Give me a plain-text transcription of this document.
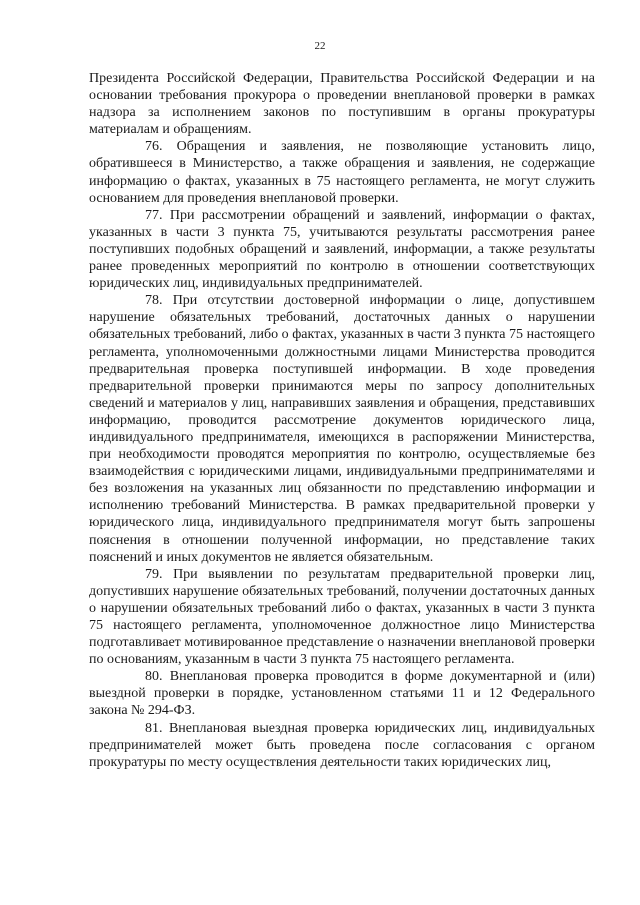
22

Президента Российской Федерации, Правительства Российской Федерации и на основании требования прокурора о проведении внеплановой проверки в рамках надзора за исполнением законов по поступившим в органы прокуратуры материалам и обращениям.

76. Обращения и заявления, не позволяющие установить лицо, обратившееся в Министерство, а также обращения и заявления, не содержащие информацию о фактах, указанных в 75 настоящего регламента, не могут служить основанием для проведения внеплановой проверки.

77. При рассмотрении обращений и заявлений, информации о фактах, указанных в части 3 пункта 75, учитываются результаты рассмотрения ранее поступивших подобных обращений и заявлений, информации, а также результаты ранее проведенных мероприятий по контролю в отношении соответствующих юридических лиц, индивидуальных предпринимателей.

78. При отсутствии достоверной информации о лице, допустившем нарушение обязательных требований, достаточных данных о нарушении обязательных требований, либо о фактах, указанных в части 3 пункта 75 настоящего регламента, уполномоченными должностными лицами Министерства проводится предварительная проверка поступившей информации. В ходе проведения предварительной проверки принимаются меры по запросу дополнительных сведений и материалов у лиц, направивших заявления и обращения, представивших информацию, проводится рассмотрение документов юридического лица, индивидуального предпринимателя, имеющихся в распоряжении Министерства, при необходимости проводятся мероприятия по контролю, осуществляемые без взаимодействия с юридическими лицами, индивидуальными предпринимателями и без возложения на указанных лиц обязанности по представлению информации и исполнению требований Министерства. В рамках предварительной проверки у юридического лица, индивидуального предпринимателя могут быть запрошены пояснения в отношении полученной информации, но представление таких пояснений и иных документов не является обязательным.

79. При выявлении по результатам предварительной проверки лиц, допустивших нарушение обязательных требований, получении достаточных данных о нарушении обязательных требований либо о фактах, указанных в части 3 пункта 75 настоящего регламента, уполномоченное должностное лицо Министерства подготавливает мотивированное представление о назначении внеплановой проверки по основаниям, указанным в части 3 пункта 75 настоящего регламента.

80. Внеплановая проверка проводится в форме документарной и (или) выездной проверки в порядке, установленном статьями 11 и 12 Федерального закона № 294-ФЗ.

81. Внеплановая выездная проверка юридических лиц, индивидуальных предпринимателей может быть проведена после согласования с органом прокуратуры по месту осуществления деятельности таких юридических лиц,
